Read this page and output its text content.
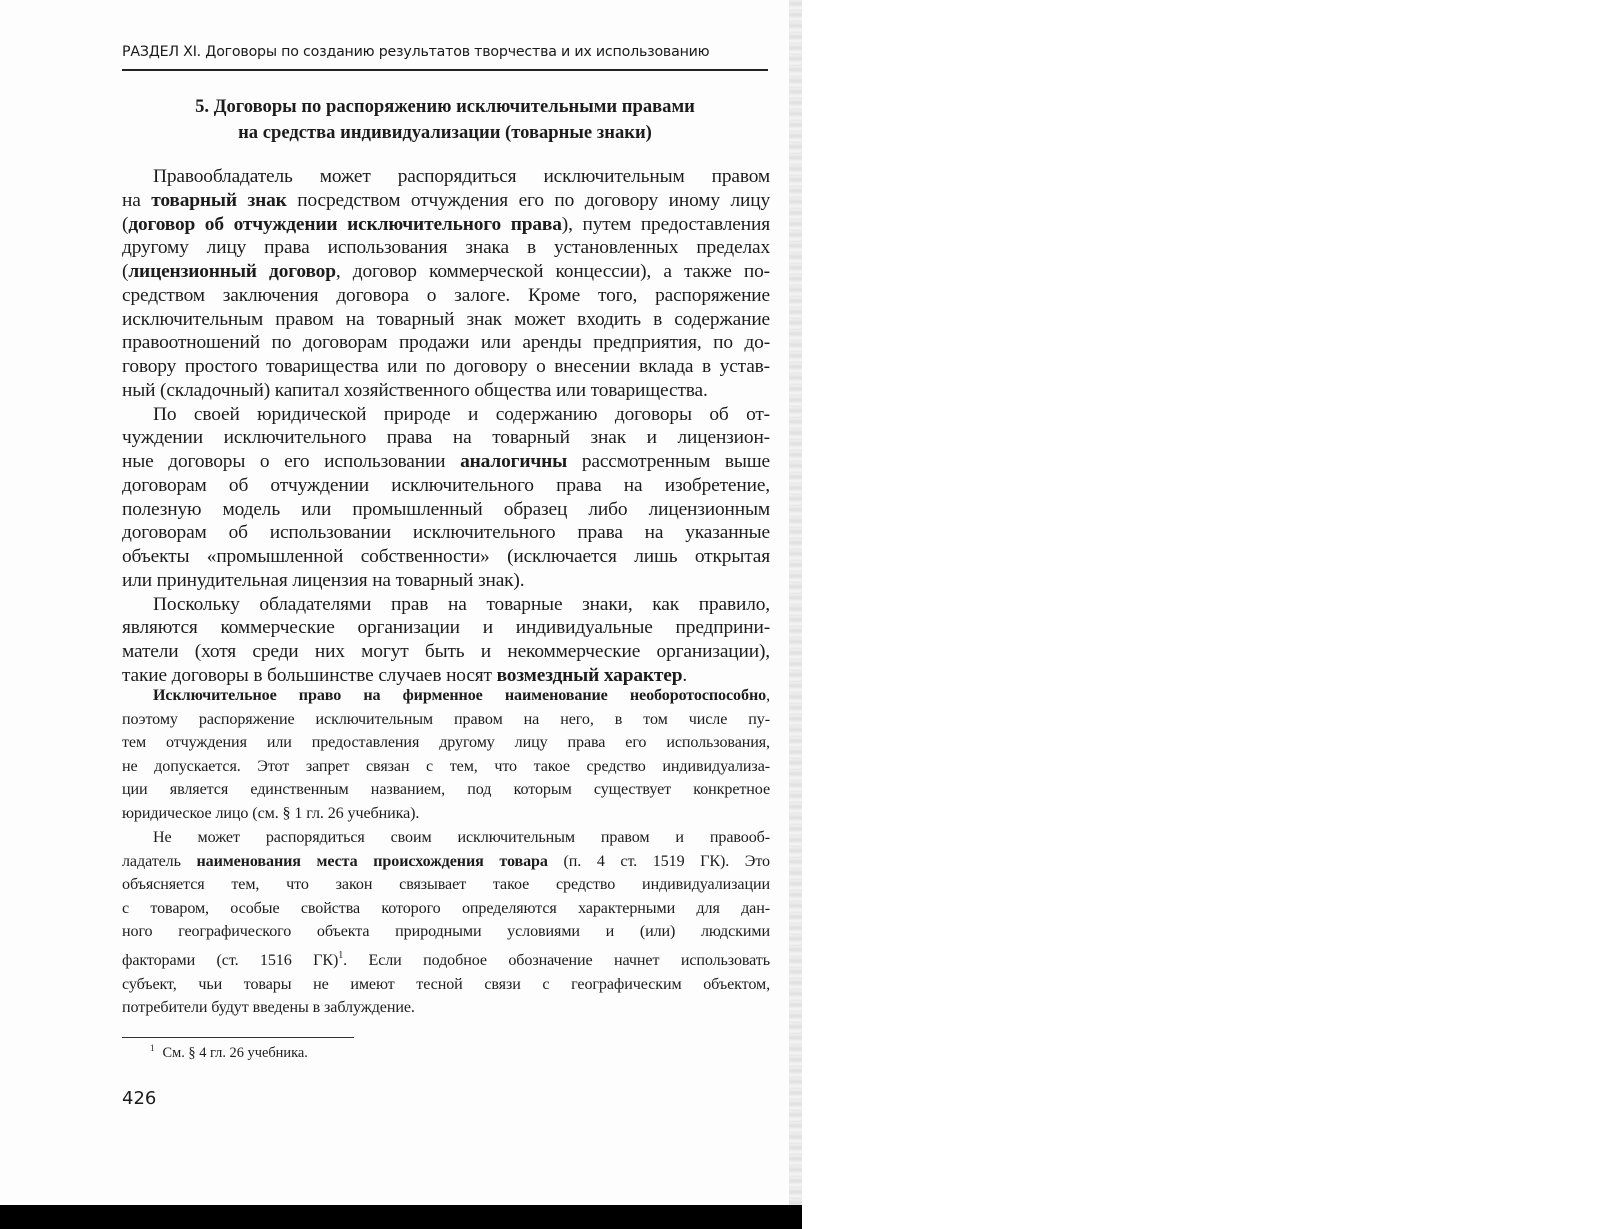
РАЗДЕЛ XI. Договоры по созданию результатов творчества и их использованию
5. Договоры по распоряжению исключительными правами
на средства индивидуализации (товарные знаки)
Правообладатель может распорядиться исключительным правом
на товарный знак посредством отчуждения его по договору иному лицу
(договор об отчуждении исключительного права), путем предоставления
другому лицу права использования знака в установленных пределах
(лицензионный договор, договор коммерческой концессии), а также по-
средством заключения договора о залоге. Кроме того, распоряжение
исключительным правом на товарный знак может входить в содержание
правоотношений по договорам продажи или аренды предприятия, по до-
говору простого товарищества или по договору о внесении вклада в устав-
ный (складочный) капитал хозяйственного общества или товарищества.
По своей юридической природе и содержанию договоры об от-
чуждении исключительного права на товарный знак и лицензион-
ные договоры о его использовании аналогичны рассмотренным выше
договорам об отчуждении исключительного права на изобретение,
полезную модель или промышленный образец либо лицензионным
договорам об использовании исключительного права на указанные
объекты «промышленной собственности» (исключается лишь открытая
или принудительная лицензия на товарный знак).
Поскольку обладателями прав на товарные знаки, как правило,
являются коммерческие организации и индивидуальные предприни-
матели (хотя среди них могут быть и некоммерческие организации),
такие договоры в большинстве случаев носят возмездный характер.
Исключительное право на фирменное наименование необоротоспособно,
поэтому распоряжение исключительным правом на него, в том числе пу-
тем отчуждения или предоставления другому лицу права его использования,
не допускается. Этот запрет связан с тем, что такое средство индивидуализа-
ции является единственным названием, под которым существует конкретное
юридическое лицо (см. § 1 гл. 26 учебника).
Не может распорядиться своим исключительным правом и правооб-
ладатель наименования места происхождения товара (п. 4 ст. 1519 ГК). Это
объясняется тем, что закон связывает такое средство индивидуализации
с товаром, особые свойства которого определяются характерными для дан-
ного географического объекта природными условиями и (или) людскими
факторами (ст. 1516 ГК)$^1$. Если подобное обозначение начнет использовать
субъект, чьи товары не имеют тесной связи с географическим объектом,
потребители будут введены в заблуждение.
$^1$ См. § 4 гл. 26 учебника.
426
